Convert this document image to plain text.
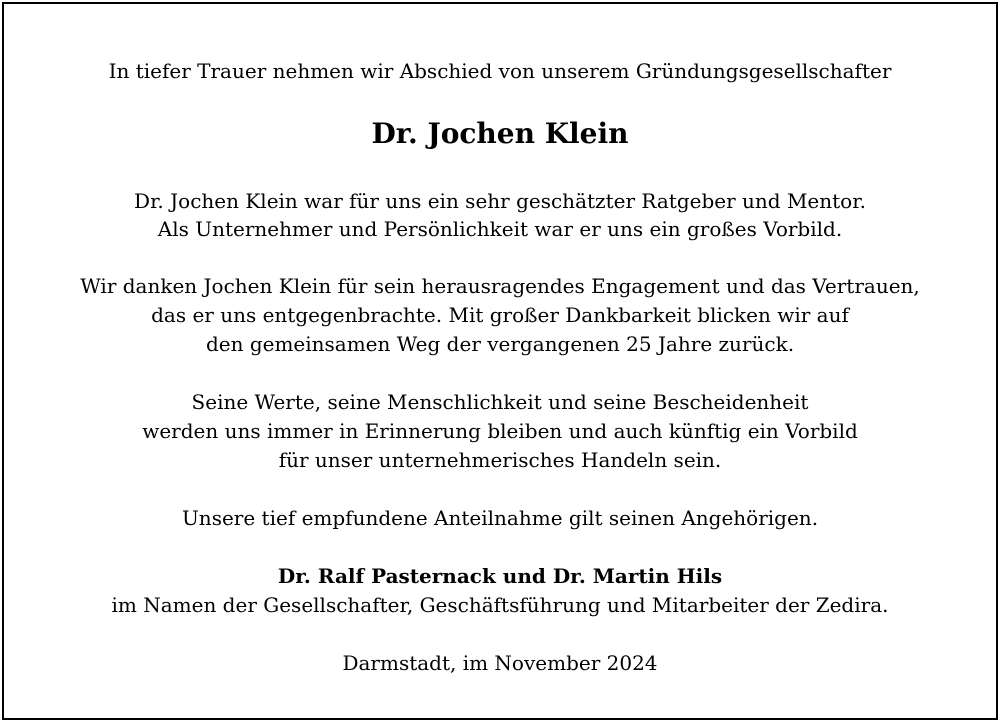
In tiefer Trauer nehmen wir Abschied von unserem Gründungsgesellschafter
Dr. Jochen Klein
Dr. Jochen Klein war für uns ein sehr geschätzter Ratgeber und Mentor.
Als Unternehmer und Persönlichkeit war er uns ein großes Vorbild.
Wir danken Jochen Klein für sein herausragendes Engagement und das Vertrauen,
das er uns entgegenbrachte. Mit großer Dankbarkeit blicken wir auf
den gemeinsamen Weg der vergangenen 25 Jahre zurück.
Seine Werte, seine Menschlichkeit und seine Bescheidenheit
werden uns immer in Erinnerung bleiben und auch künftig ein Vorbild
für unser unternehmerisches Handeln sein.
Unsere tief empfundene Anteilnahme gilt seinen Angehörigen.
Dr. Ralf Pasternack und Dr. Martin Hils
im Namen der Gesellschafter, Geschäftsführung und Mitarbeiter der Zedira.
Darmstadt, im November 2024
